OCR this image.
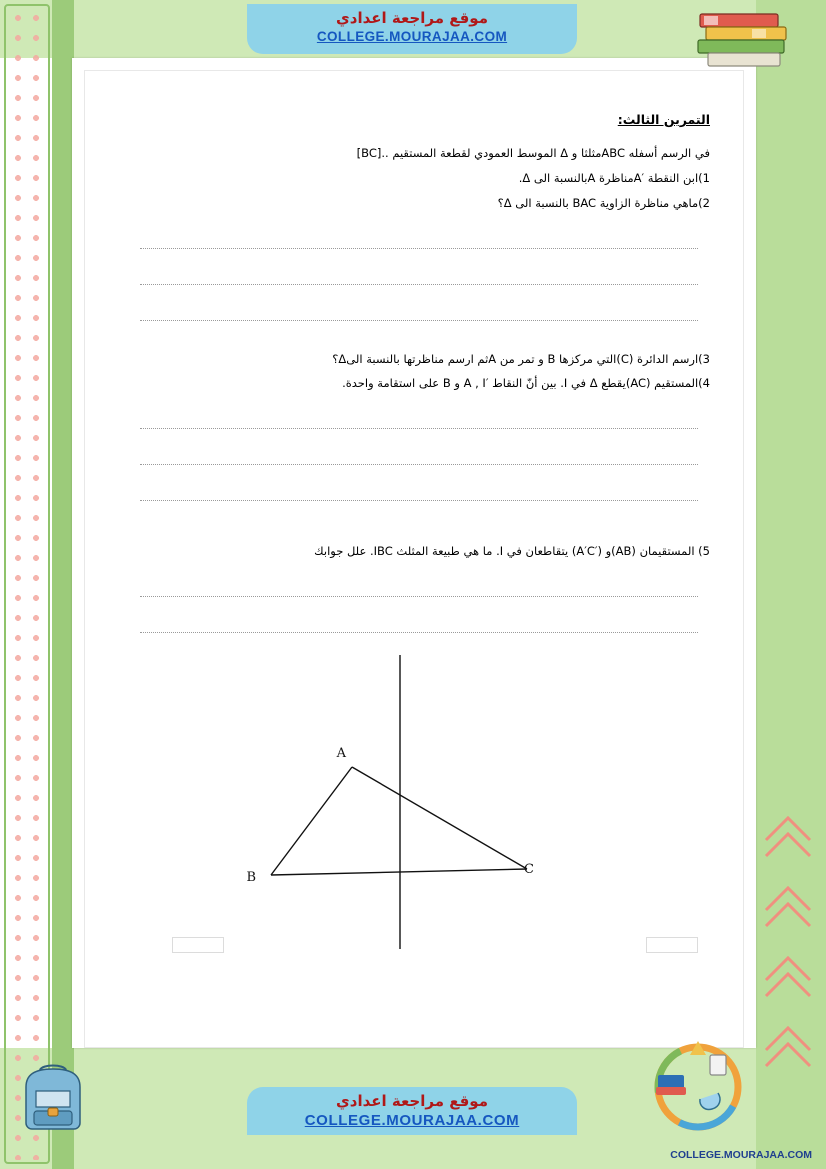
موقع مراجعة اعدادي
COLLEGE.MOURAJAA.COM
التمرين الثالث:
في الرسم أسفله ABCمثلثا و Δ الموسط العمودي لقطعة المستقيم ..[BC]
1)ابن النقطة ′Aمناظرة Aبالنسبة الى Δ.
2)ماهي مناظرة الزاوية BAC بالنسبة الى Δ؟
3)ارسم الدائرة (C)التي مركزها B و تمر من Aثم ارسم مناظرتها بالنسبة الىΔ؟
4)المستقيم (AC)يقطع Δ في I. بين أنّ النقاط ′A , I و B على استقامة واحدة.
5) المستقيمان (AB)و (′A′C) يتقاطعان في I. ما هي طبيعة المثلث IBC. علل جوابك
A
B
C
موقع مراجعة اعدادي
COLLEGE.MOURAJAA.COM
COLLEGE.MOURAJAA.COM
